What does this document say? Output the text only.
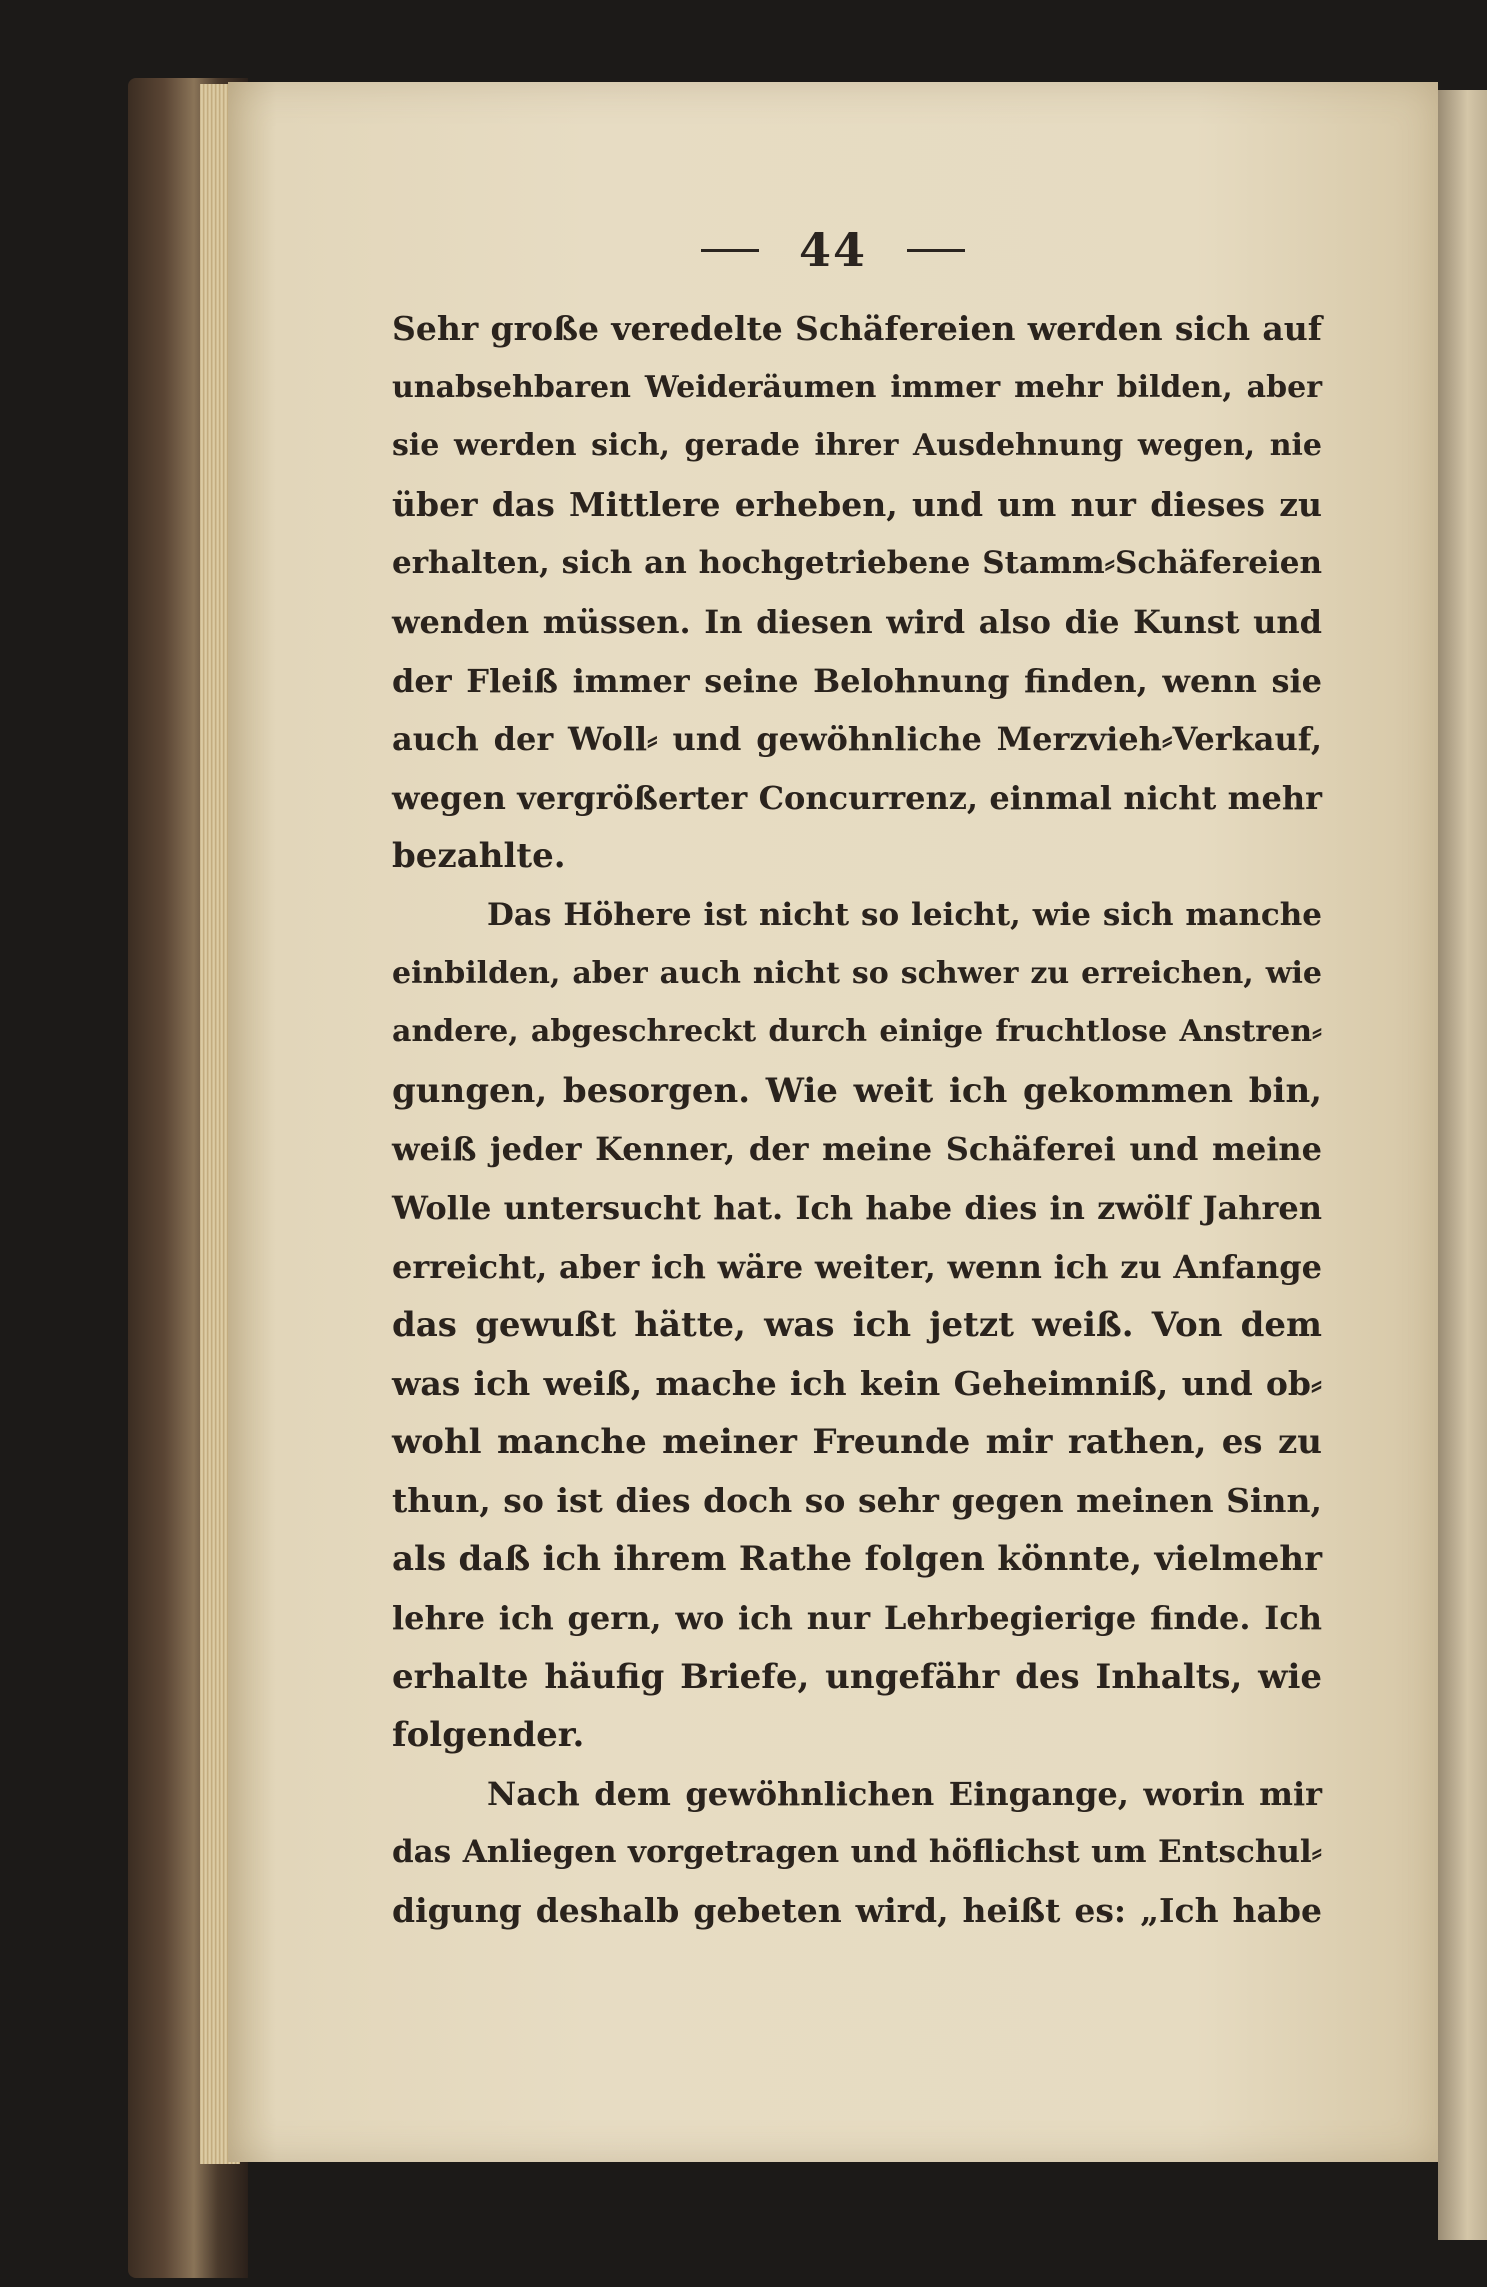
44

Sehr große veredelte Schäfereien werden sich auf
unabsehbaren Weideräumen immer mehr bilden, aber
sie werden sich, gerade ihrer Ausdehnung wegen, nie
über das Mittlere erheben, und um nur dieses zu
erhalten, sich an hochgetriebene Stamm⸗Schäfereien
wenden müssen. In diesen wird also die Kunst und
der Fleiß immer seine Belohnung finden, wenn sie
auch der Woll⸗ und gewöhnliche Merzvieh⸗Verkauf,
wegen vergrößerter Concurrenz, einmal nicht mehr
bezahlte.

Das Höhere ist nicht so leicht, wie sich manche
einbilden, aber auch nicht so schwer zu erreichen, wie
andere, abgeschreckt durch einige fruchtlose Anstren⸗
gungen, besorgen. Wie weit ich gekommen bin,
weiß jeder Kenner, der meine Schäferei und meine
Wolle untersucht hat. Ich habe dies in zwölf Jahren
erreicht, aber ich wäre weiter, wenn ich zu Anfange
das gewußt hätte, was ich jetzt weiß. Von dem
was ich weiß, mache ich kein Geheimniß, und ob⸗
wohl manche meiner Freunde mir rathen, es zu
thun, so ist dies doch so sehr gegen meinen Sinn,
als daß ich ihrem Rathe folgen könnte, vielmehr
lehre ich gern, wo ich nur Lehrbegierige finde. Ich
erhalte häufig Briefe, ungefähr des Inhalts, wie
folgender.

Nach dem gewöhnlichen Eingange, worin mir
das Anliegen vorgetragen und höflichst um Entschul⸗
digung deshalb gebeten wird, heißt es: „Ich habe
